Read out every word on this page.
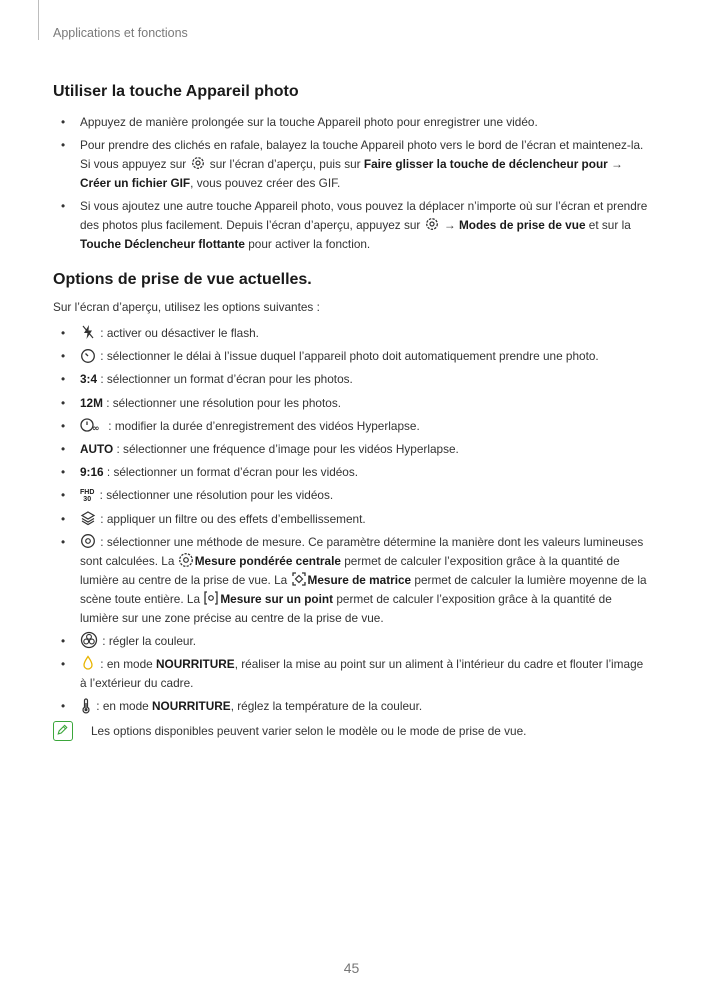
Applications et fonctions
Utiliser la touche Appareil photo
• Appuyez de manière prolongée sur la touche Appareil photo pour enregistrer une vidéo.
• Pour prendre des clichés en rafale, balayez la touche Appareil photo vers le bord de l’écran et maintenez-la. Si vous appuyez sur
sur l’écran d’aperçu, puis sur Faire glisser la touche de déclencheur pour → Créer un fichier GIF, vous pouvez créer des GIF.
• Si vous ajoutez une autre touche Appareil photo, vous pouvez la déplacer n’importe où sur l’écran et prendre des photos plus facilement. Depuis l’écran d’aperçu, appuyez sur
→ Modes de prise de vue et sur la Touche Déclencheur flottante pour activer la fonction.
Options de prise de vue actuelles.
Sur l’écran d’aperçu, utilisez les options suivantes :
• : activer ou désactiver le flash.
• : sélectionner le délai à l’issue duquel l’appareil photo doit automatiquement prendre une photo.
• 3:4 : sélectionner un format d’écran pour les photos.
• 12M : sélectionner une résolution pour les photos.
• ∞ : modifier la durée d’enregistrement des vidéos Hyperlapse.
• AUTO : sélectionner une fréquence d’image pour les vidéos Hyperlapse.
• 9:16 : sélectionner un format d’écran pour les vidéos.
• FHD
30 : sélectionner une résolution pour les vidéos.
• : appliquer un filtre ou des effets d’embellissement.
• : sélectionner une méthode de mesure. Ce paramètre détermine la manière dont les valeurs lumineuses sont calculées. La
Mesure pondérée centrale permet de calculer l’exposition grâce à la quantité de lumière au centre de la prise de vue. La
Mesure de matrice permet de calculer la lumière moyenne de la scène toute entière. La
Mesure sur un point permet de calculer l’exposition grâce à la quantité de lumière sur une zone précise au centre de la prise de vue.
• : régler la couleur.
• : en mode NOURRITURE, réaliser la mise au point sur un aliment à l’intérieur du cadre et flouter l’image à l’extérieur du cadre.
• : en mode NOURRITURE, réglez la température de la couleur.
Les options disponibles peuvent varier selon le modèle ou le mode de prise de vue.
45
